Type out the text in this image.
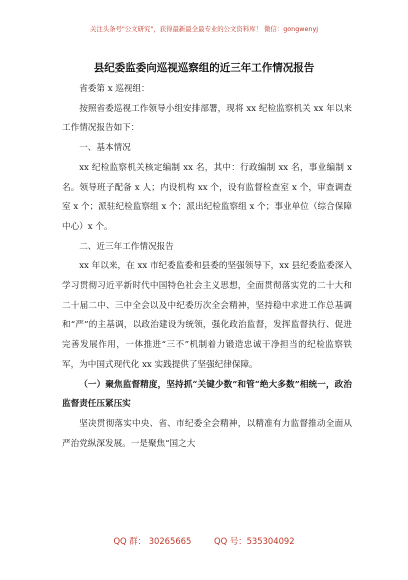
关注头条号"公文研究"，获得最新最全最专业的公文资料库！ 微信：gongwenyj
县纪委监委向巡视巡察组的近三年工作情况报告

省委第 x 巡视组：

按照省委巡视工作领导小组安排部署，现将 xx 纪检监察机关 xx 年以来工作情况报告如下：

一、基本情况

xx 纪检监察机关核定编制 xx 名，其中：行政编制 xx 名，事业编制 x 名。领导班子配备 x 人；内设机构 xx 个，设有监督检查室 x 个，审查调查室 x 个；派驻纪检监察组 x 个；派出纪检监察组 x 个；事业单位（综合保障中心）x 个。

二、近三年工作情况报告

xx 年以来，在 xx 市纪委监委和县委的坚强领导下，xx 县纪委监委深入学习贯彻习近平新时代中国特色社会主义思想，全面贯彻落实党的二十大和二十届二中、三中全会以及中纪委历次全会精神，坚持稳中求进工作总基调和“严”的主基调，以政治建设为统领，强化政治监督，发挥监督执行、促进完善发展作用，一体推进“三不”机制着力锻造忠诚干净担当的纪检监察铁军，为中国式现代化 xx 实践提供了坚强纪律保障。

（一）聚焦监督精度，坚持抓“关键少数”和管“绝大多数”相统一，政治监督责任压紧压实

坚决贯彻落实中央、省、市纪委全会精神，以精准有力监督推动全面从严治党纵深发展。一是聚焦“国之大

QQ 群： 30265665	QQ 号：535304092
